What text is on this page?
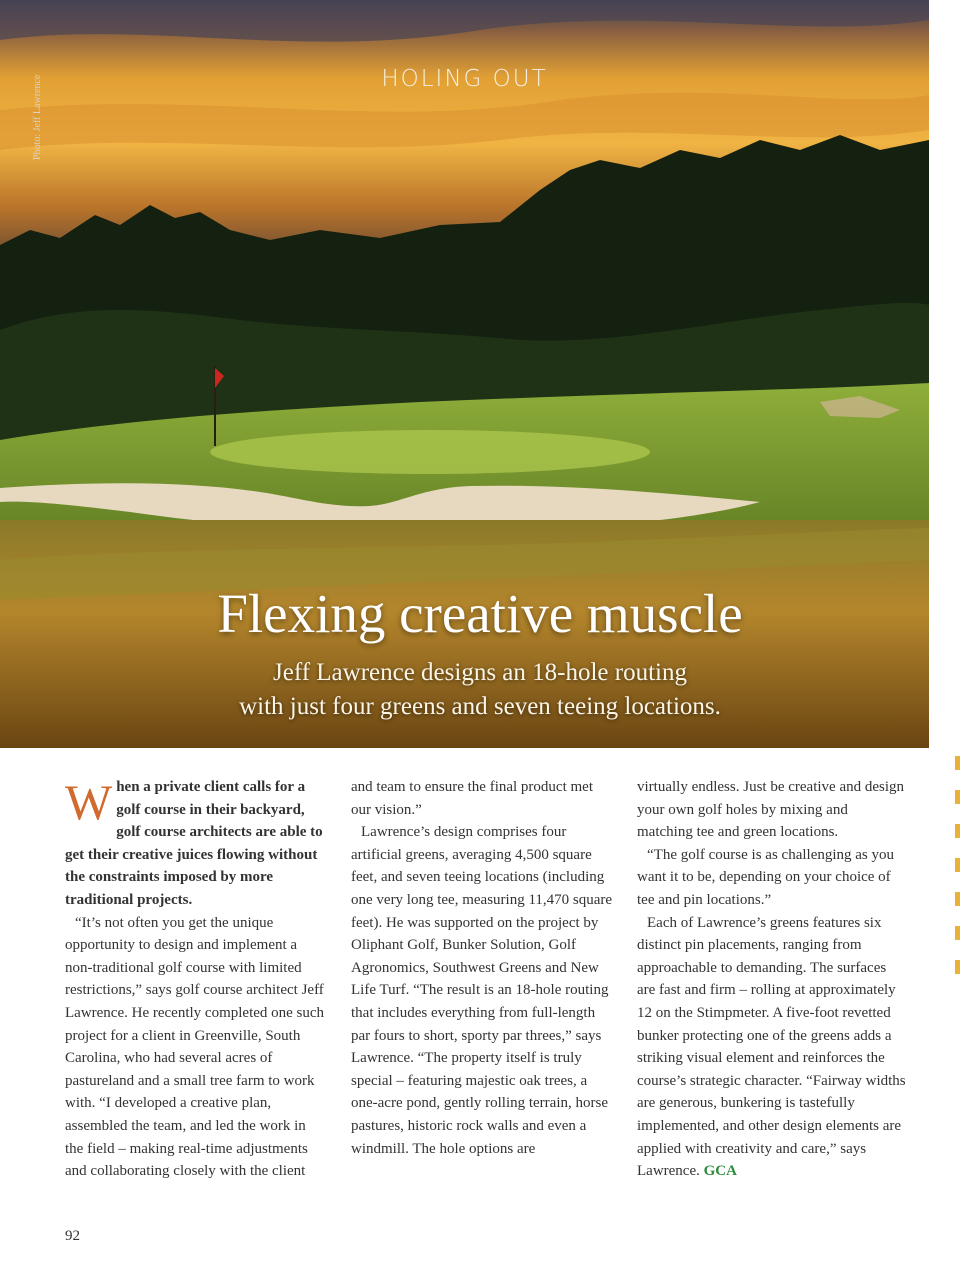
HOLING OUT
Photo: Jeff Lawrence
Flexing creative muscle
Jeff Lawrence designs an 18-hole routing
with just four greens and seven teeing locations.

When a private client calls for a golf course in their backyard, golf course architects are able to get their creative juices flowing without the constraints imposed by more traditional projects.

“It’s not often you get the unique opportunity to design and implement a non-traditional golf course with limited restrictions,” says golf course architect Jeff Lawrence. He recently completed one such project for a client in Greenville, South Carolina, who had several acres of pastureland and a small tree farm to work with. “I developed a creative plan, assembled the team, and led the work in the field – making real-time adjustments and collaborating closely with the client

and team to ensure the final product met our vision.”

Lawrence’s design comprises four artificial greens, averaging 4,500 square feet, and seven teeing locations (including one very long tee, measuring 11,470 square feet). He was supported on the project by Oliphant Golf, Bunker Solution, Golf Agronomics, Southwest Greens and New Life Turf. “The result is an 18-hole routing that includes everything from full-length par fours to short, sporty par threes,” says Lawrence. “The property itself is truly special – featuring majestic oak trees, a one-acre pond, gently rolling terrain, horse pastures, historic rock walls and even a windmill. The hole options are

virtually endless. Just be creative and design your own golf holes by mixing and matching tee and green locations.

“The golf course is as challenging as you want it to be, depending on your choice of tee and pin locations.”

Each of Lawrence’s greens features six distinct pin placements, ranging from approachable to demanding. The surfaces are fast and firm – rolling at approximately 12 on the Stimpmeter. A five-foot revetted bunker protecting one of the greens adds a striking visual element and reinforces the course’s strategic character. “Fairway widths are generous, bunkering is tastefully implemented, and other design elements are applied with creativity and care,” says Lawrence. GCA

92
